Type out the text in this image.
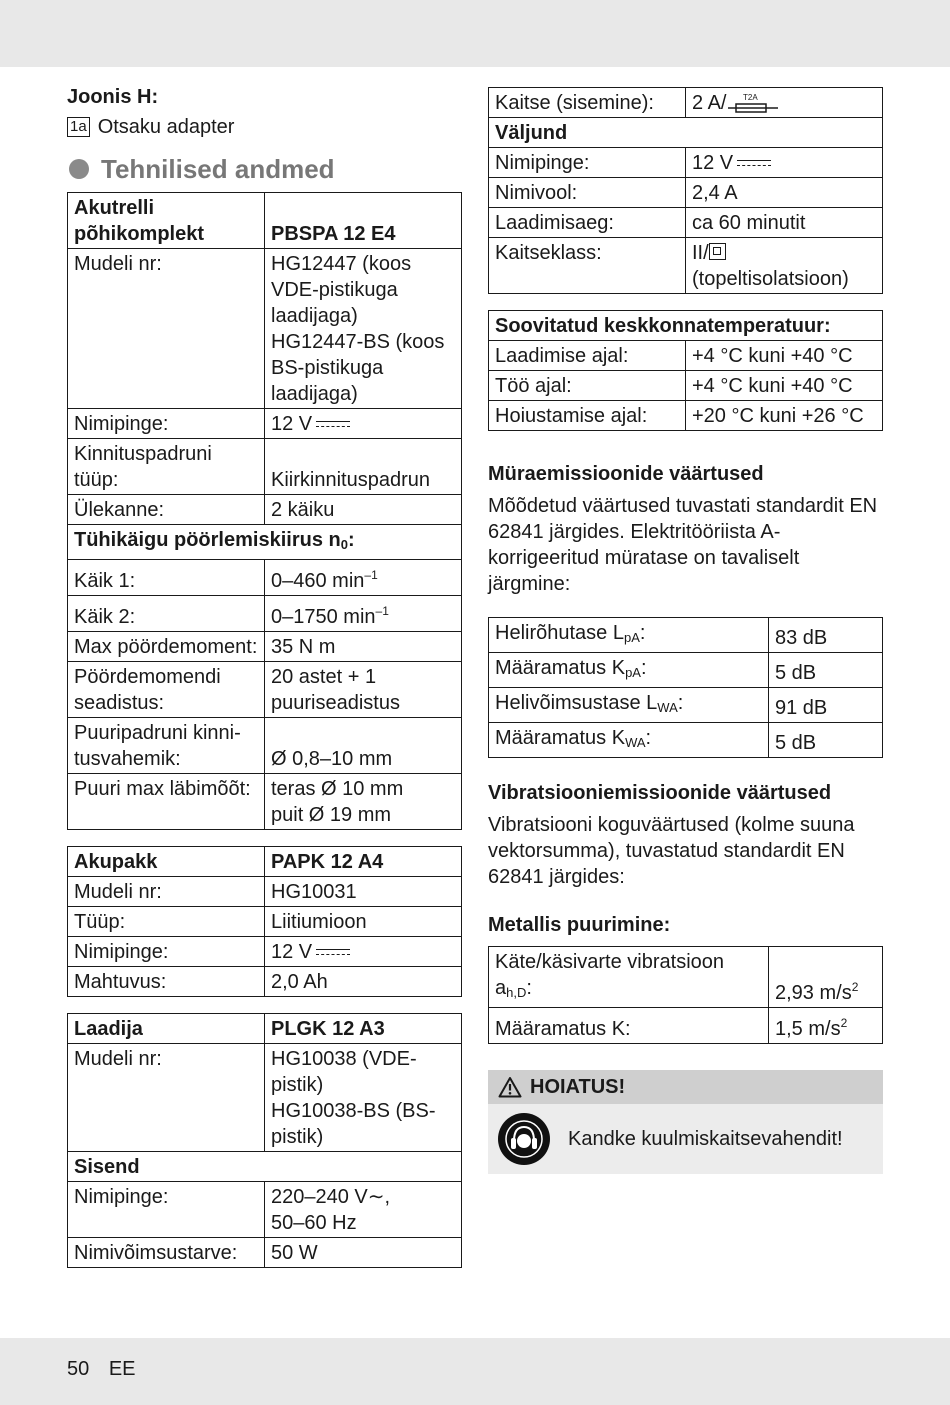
Joonis H:
1a Otsaku adapter
Tehnilised andmed
Akutrelli põhikomplekt	PBSPA 12 E4
Mudeli nr:	HG12447 (koos VDE-pistikuga laadijaga)
HG12447-BS (koos BS-pistikuga laadijaga)

Nimipinge:	12 V
Kinnituspadruni tüüp:	Kiirkinnituspadrun
Ülekanne:	2 käiku
Tühikäigu pöörlemiskiirus $n_0$:	
Käik 1:	0–460 $\min^{-1}$
Käik 2:	0–1750 $\min^{-1}$
Max pöördemoment:	35 N m
Pöördemomendi seadistus:	20 astet + 1 puuriseadistus
Puuripadruni kinni-tusvahemik:	Ø 0,8–10 mm
Puuri max läbimõõt:	teras Ø 10 mm
puit Ø 19 mm
Akupakk	PAPK 12 A4
Mudeli nr:	HG10031
Tüüp:	Liitiumioon
Nimipinge:	12 V
Mahtuvus:	2,0 Ah
Laadija	PLGK 12 A3
Mudeli nr:	HG10038 (VDE-pistik)
HG10038-BS (BS-pistik)

Sisend	
Nimipinge:	220–240 V∼,
50–60 Hz

Nimivõimsustarve:	50 W
Kaitse (sisemine):	2 A/ T2A

Väljund	
Nimipinge:	12 V
Nimivool:	2,4 A
Laadimisaeg:	ca 60 minutit
Kaitseklass:	II/
(topeltisolatsioon)
Soovitatud keskkonnatemperatuur:	
Laadimise ajal:	+4 °C kuni +40 °C
Töö ajal:	+4 °C kuni +40 °C
Hoiustamise ajal:	+20 °C kuni +26 °C
Müraemissioonide väärtused

Mõõdetud väärtused tuvastati standardit EN 62841 järgides. Elektritööriista A-korrigeeritud müratase on tavaliselt järgmine:

Helirõhutase $L_{pA}$:	83 dB
Määramatus $K_{pA}$:	5 dB
Helivõimsustase $L_{WA}$:	91 dB
Määramatus $K_{WA}$:	5 dB
Vibratsiooniemissioonide väärtused

Vibratsiooni koguväärtused (kolme suuna vektorsumma), tuvastatud standardit EN 62841 järgides:

Metallis puurimine:
Käte/käsivarte vibratsioon $a_{h,D}$:	2,93 $m/s^2$
Määramatus K:	1,5 $m/s^2$
HOIATUS!
Kandke kuulmiskaitsevahendit!
50 EE
